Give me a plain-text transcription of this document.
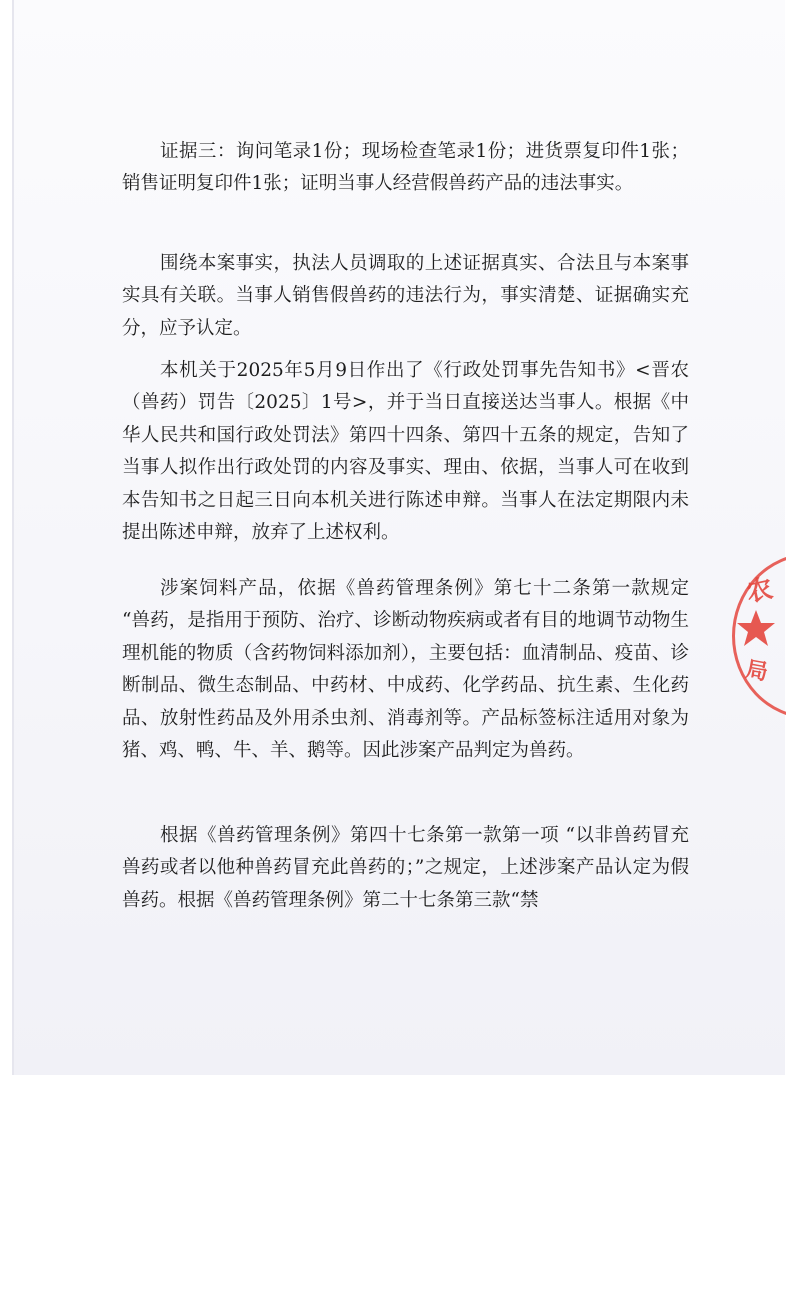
证据三：询问笔录1份；现场检查笔录1份；进货票复印件1张；销售证明复印件1张；证明当事人经营假兽药产品的违法事实。

围绕本案事实，执法人员调取的上述证据真实、合法且与本案事实具有关联。当事人销售假兽药的违法行为，事实清楚、证据确实充分，应予认定。

本机关于2025年5月9日作出了《行政处罚事先告知书》<晋农（兽药）罚告〔2025〕1号>，并于当日直接送达当事人。根据《中华人民共和国行政处罚法》第四十四条、第四十五条的规定，告知了当事人拟作出行政处罚的内容及事实、理由、依据，当事人可在收到本告知书之日起三日向本机关进行陈述申辩。当事人在法定期限内未提出陈述申辩，放弃了上述权利。

涉案饲料产品，依据《兽药管理条例》第七十二条第一款规定 “兽药，是指用于预防、治疗、诊断动物疾病或者有目的地调节动物生理机能的物质（含药物饲料添加剂），主要包括：血清制品、疫苗、诊断制品、微生态制品、中药材、中成药、化学药品、抗生素、生化药品、放射性药品及外用杀虫剂、消毒剂等。产品标签标注适用对象为猪、鸡、鸭、牛、羊、鹅等。因此涉案产品判定为兽药。

根据《兽药管理条例》第四十七条第一款第一项 “以非兽药冒充兽药或者以他种兽药冒充此兽药的；”之规定，上述涉案产品认定为假兽药。根据《兽药管理条例》第二十七条第三款“禁

农
局
